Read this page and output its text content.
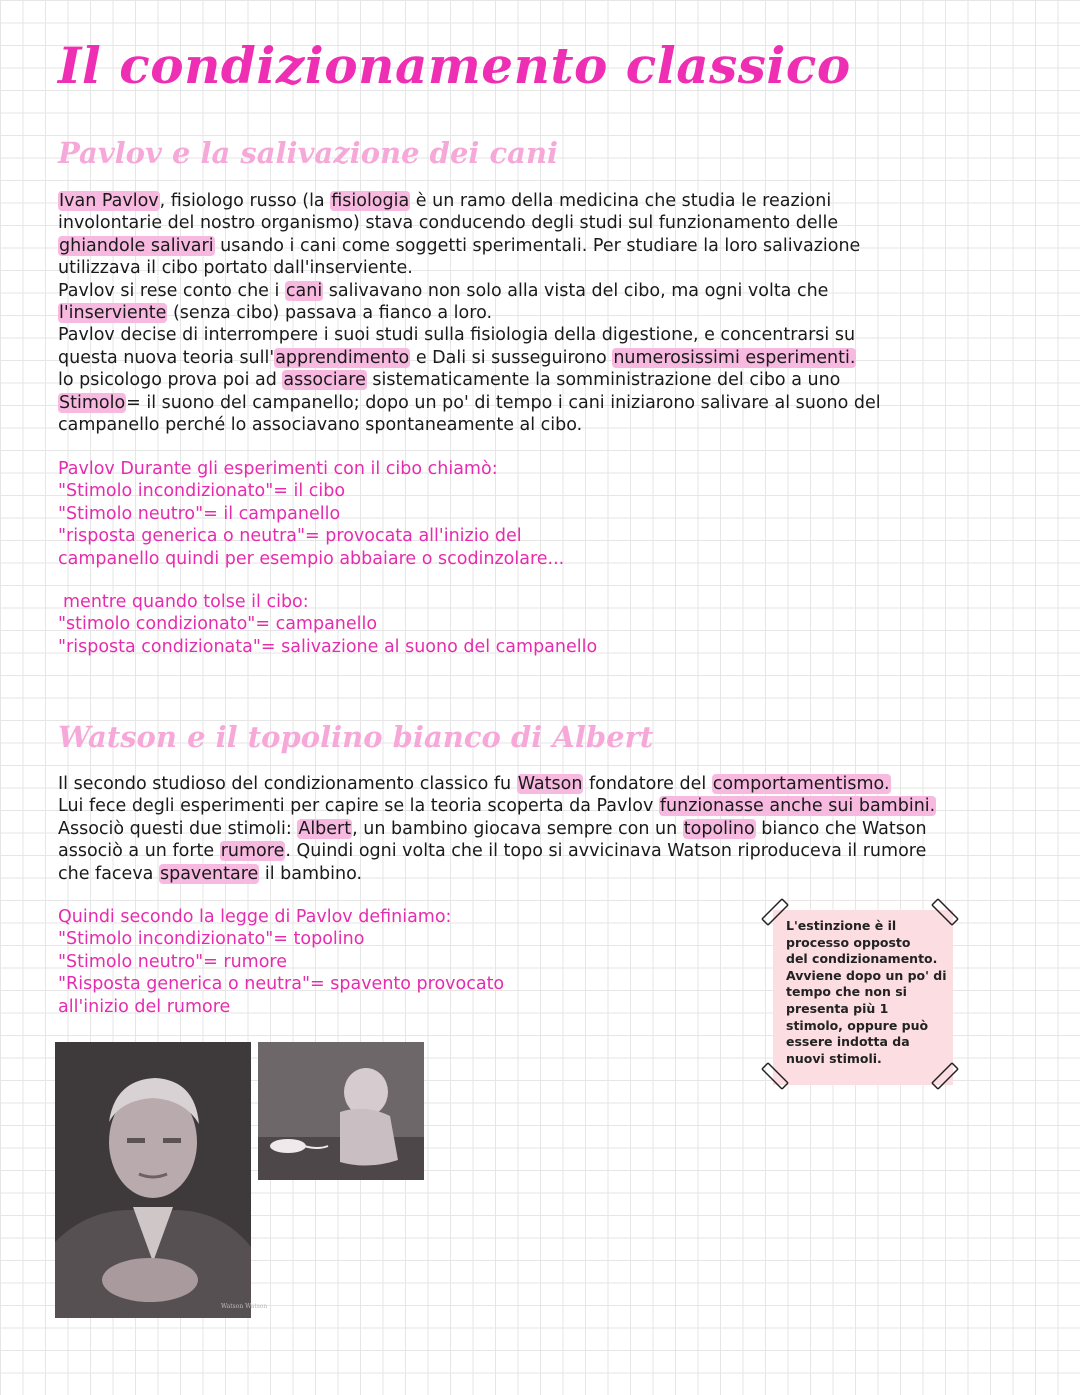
Il condizionamento classico
Pavlov e la salivazione dei cani

Ivan Pavlov, fisiologo russo (la fisiologia è un ramo della medicina che studia le reazioni

involontarie del nostro organismo) stava conducendo degli studi sul funzionamento delle

ghiandole salivari usando i cani come soggetti sperimentali. Per studiare la loro salivazione

utilizzava il cibo portato dall'inserviente.

Pavlov si rese conto che i cani salivavano non solo alla vista del cibo, ma ogni volta che

l'inserviente (senza cibo) passava a fianco a loro.

Pavlov decise di interrompere i suoi studi sulla fisiologia della digestione, e concentrarsi su

questa nuova teoria sull'apprendimento e Dali si susseguirono numerosissimi esperimenti.

lo psicologo prova poi ad associare sistematicamente la somministrazione del cibo a uno

Stimolo= il suono del campanello; dopo un po' di tempo i cani iniziarono salivare al suono del

campanello perché lo associavano spontaneamente al cibo.

Pavlov Durante gli esperimenti con il cibo chiamò:

"Stimolo incondizionato"= il cibo

"Stimolo neutro"= il campanello

"risposta generica o neutra"= provocata all'inizio del

campanello quindi per esempio abbaiare o scodinzolare...

mentre quando tolse il cibo:

"stimolo condizionato"= campanello

"risposta condizionata"= salivazione al suono del campanello

Watson e il topolino bianco di Albert

Il secondo studioso del condizionamento classico fu Watson fondatore del comportamentismo.

Lui fece degli esperimenti per capire se la teoria scoperta da Pavlov funzionasse anche sui bambini.

Associò questi due stimoli: Albert, un bambino giocava sempre con un topolino bianco che Watson

associò a un forte rumore. Quindi ogni volta che il topo si avvicinava Watson riproduceva il rumore

che faceva spaventare il bambino.

Quindi secondo la legge di Pavlov definiamo:

"Stimolo incondizionato"= topolino

"Stimolo neutro"= rumore

"Risposta generica o neutra"= spavento provocato

all'inizio del rumore

L'estinzione è il
processo opposto
del condizionamento.
Avviene dopo un po' di
tempo che non si
presenta più 1
stimolo, oppure può
essere indotta da
nuovi stimoli.
Watson Watson
